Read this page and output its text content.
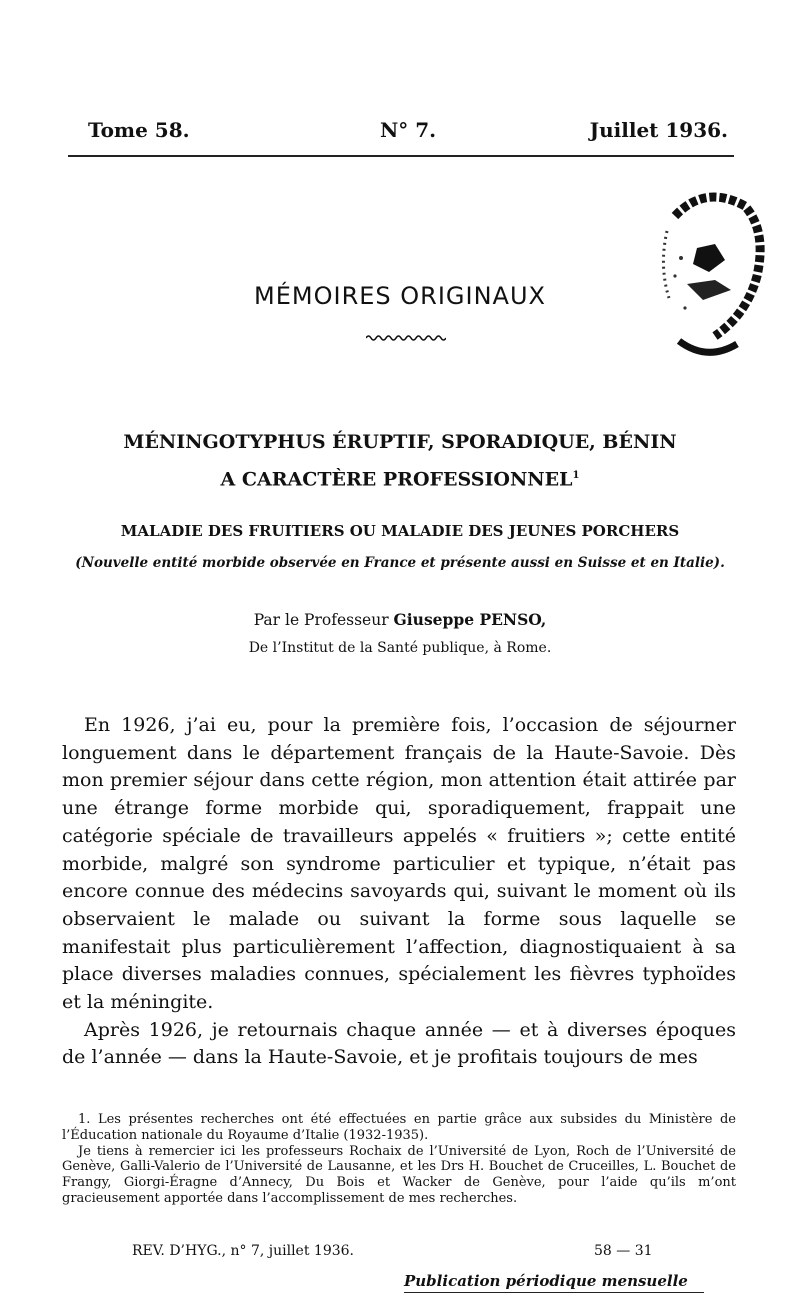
Tome 58.	N° 7.	Juillet 1936.
MÉMOIRES ORIGINAUX
MÉNINGOTYPHUS ÉRUPTIF, SPORADIQUE, BÉNIN
A CARACTÈRE PROFESSIONNEL$^1$
MALADIE DES FRUITIERS OU MALADIE DES JEUNES PORCHERS
(Nouvelle entité morbide observée en France et présente aussi en Suisse et en Italie).
Par le Professeur Giuseppe PENSO,
De l’Institut de la Santé publique, à Rome.

En 1926, j’ai eu, pour la première fois, l’occasion de séjourner longuement dans le département français de la Haute-Savoie. Dès mon premier séjour dans cette région, mon attention était attirée par une étrange forme morbide qui, sporadiquement, frappait une catégorie spéciale de travailleurs appelés « fruitiers »; cette entité morbide, malgré son syndrome particulier et typique, n’était pas encore connue des médecins savoyards qui, suivant le moment où ils observaient le malade ou suivant la forme sous laquelle se manifestait plus particulièrement l’affection, diagnostiquaient à sa place diverses maladies connues, spécialement les fièvres typhoïdes et la méningite.

Après 1926, je retournais chaque année — et à diverses époques de l’année — dans la Haute-Savoie, et je profitais toujours de mes

1. Les présentes recherches ont été effectuées en partie grâce aux subsides du Ministère de l’Éducation nationale du Royaume d’Italie (1932-1935).

Je tiens à remercier ici les professeurs Rochaix de l’Université de Lyon, Roch de l’Université de Genève, Galli-Valerio de l’Université de Lausanne, et les Drs H. Bouchet de Cruceilles, L. Bouchet de Frangy, Giorgi-Éragne d’Annecy, Du Bois et Wacker de Genève, pour l’aide qu’ils m’ont gracieusement apportée dans l’accomplissement de mes recherches.

REV. D’HYG., n° 7, juillet 1936.	58 — 31
Publication périodique mensuelle
